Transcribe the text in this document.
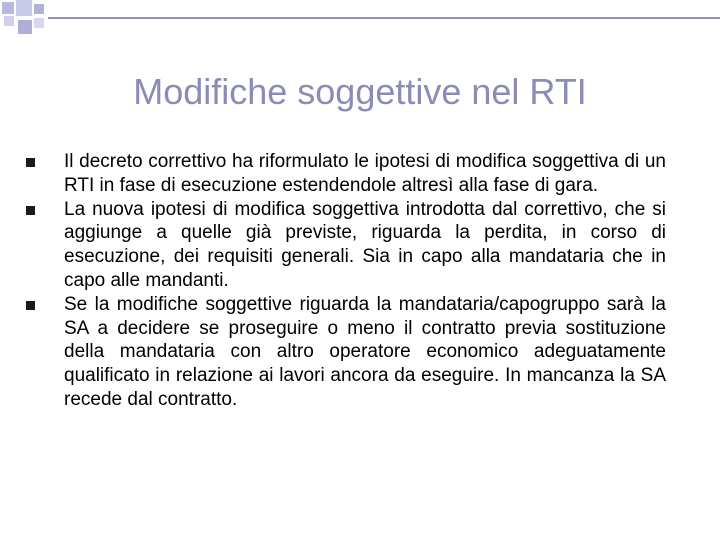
Modifiche soggettive nel RTI
Il decreto correttivo ha riformulato le ipotesi di modifica soggettiva di un RTI in fase di esecuzione estendendole altresì alla fase di gara.
La nuova ipotesi di modifica soggettiva introdotta dal correttivo, che si aggiunge a quelle già previste, riguarda la perdita, in corso di esecuzione, dei requisiti generali. Sia in capo alla mandataria che in capo alle mandanti.
Se la modifiche soggettive riguarda la mandataria/capogruppo sarà la SA a decidere se proseguire o meno il contratto previa sostituzione della mandataria con altro operatore economico adeguatamente qualificato in relazione ai lavori ancora da eseguire. In mancanza la SA recede dal contratto.
